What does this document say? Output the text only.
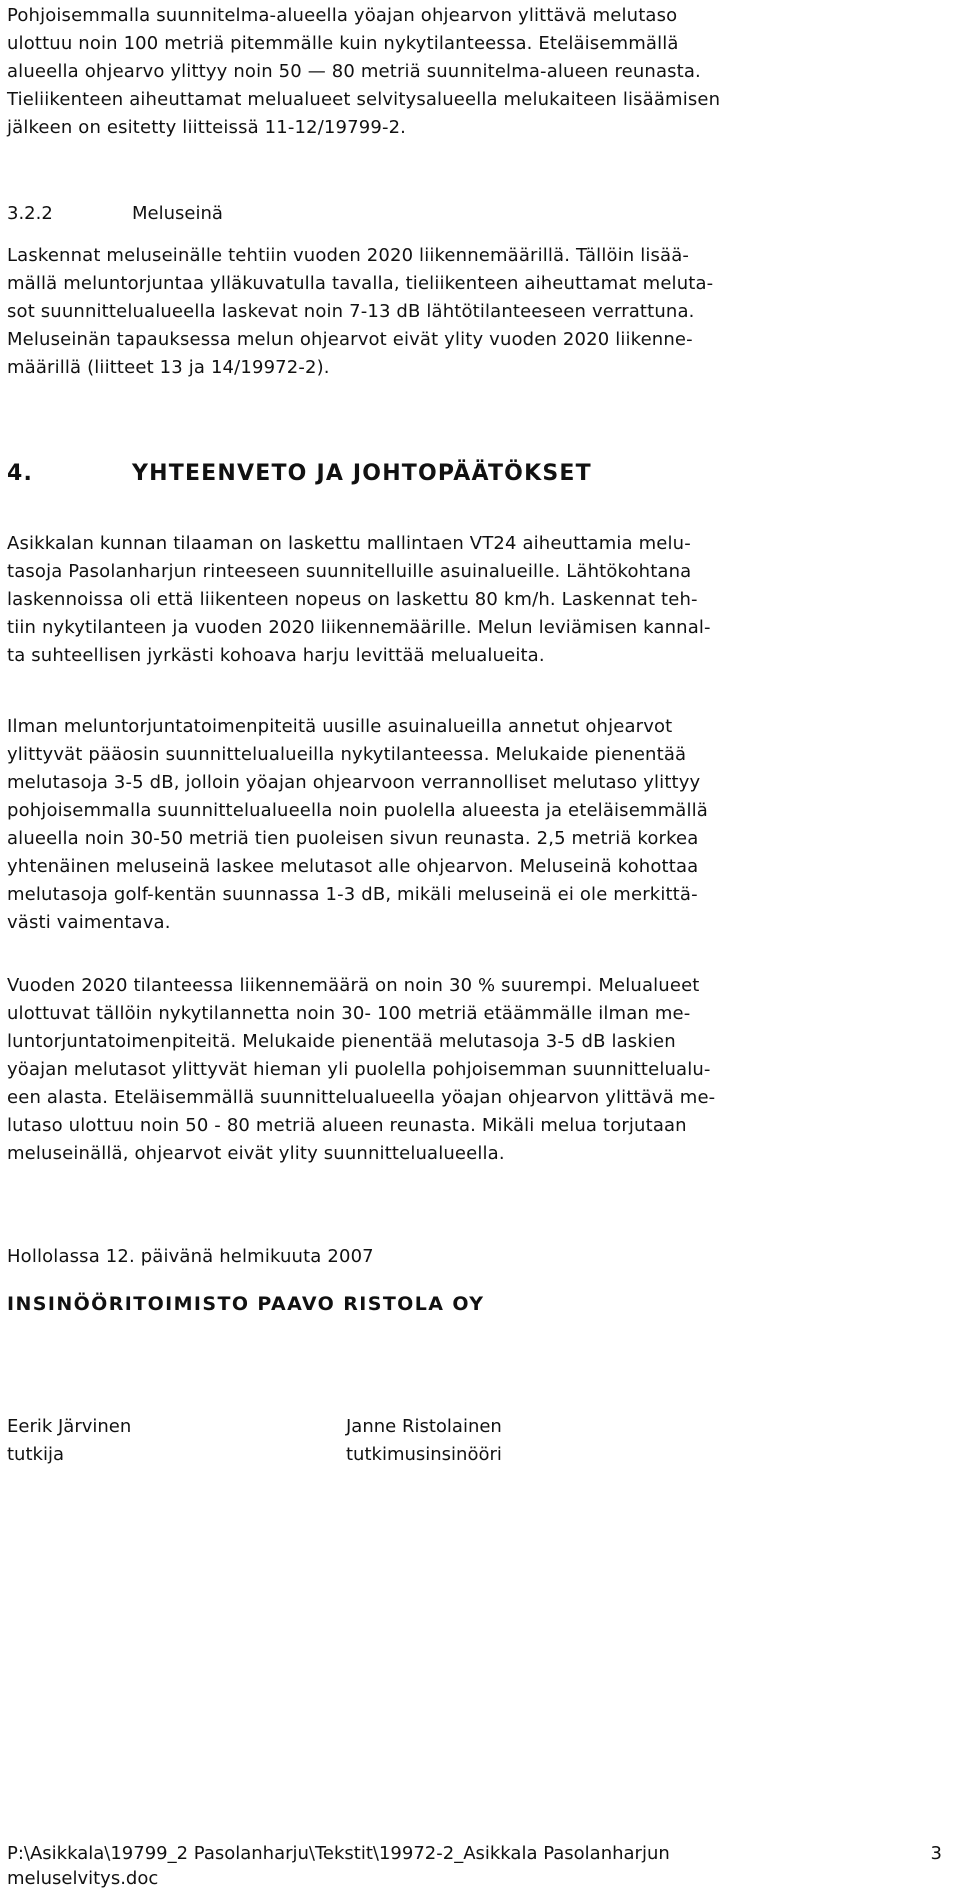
Pohjoisemmalla suunnitelma-alueella yöajan ohjearvon ylittävä melutaso
ulottuu noin 100 metriä pitemmälle kuin nykytilanteessa. Eteläisemmällä
alueella ohjearvo ylittyy noin 50 — 80 metriä suunnitelma-alueen reunasta.

Tieliikenteen aiheuttamat melualueet selvitysalueella melukaiteen lisäämisen
jälkeen on esitetty liitteissä 11-12/19799-2.

3.2.2	Meluseinä

Laskennat meluseinälle tehtiin vuoden 2020 liikennemäärillä. Tällöin lisää-
mällä meluntorjuntaa ylläkuvatulla tavalla, tieliikenteen aiheuttamat meluta-
sot suunnittelualueella laskevat noin 7-13 dB lähtötilanteeseen verrattuna.
Meluseinän tapauksessa melun ohjearvot eivät ylity vuoden 2020 liikenne-
määrillä (liitteet 13 ja 14/19972-2).

4.	YHTEENVETO JA JOHTOPÄÄTÖKSET

Asikkalan kunnan tilaaman on laskettu mallintaen VT24 aiheuttamia melu-
tasoja Pasolanharjun rinteeseen suunnitelluille asuinalueille. Lähtökohtana
laskennoissa oli että liikenteen nopeus on laskettu 80 km/h. Laskennat teh-
tiin nykytilanteen ja vuoden 2020 liikennemäärille. Melun leviämisen kannal-
ta suhteellisen jyrkästi kohoava harju levittää melualueita.

Ilman meluntorjuntatoimenpiteitä uusille asuinalueilla annetut ohjearvot
ylittyvät pääosin suunnittelualueilla nykytilanteessa. Melukaide pienentää
melutasoja 3-5 dB, jolloin yöajan ohjearvoon verrannolliset melutaso ylittyy
pohjoisemmalla suunnittelualueella noin puolella alueesta ja eteläisemmällä
alueella noin 30-50 metriä tien puoleisen sivun reunasta. 2,5 metriä korkea
yhtenäinen meluseinä laskee melutasot alle ohjearvon. Meluseinä kohottaa
melutasoja golf-kentän suunnassa 1-3 dB, mikäli meluseinä ei ole merkittä-
västi vaimentava.

Vuoden 2020 tilanteessa liikennemäärä on noin 30 % suurempi. Melualueet
ulottuvat tällöin nykytilannetta noin 30- 100 metriä etäämmälle ilman me-
luntorjuntatoimenpiteitä. Melukaide pienentää melutasoja 3-5 dB laskien
yöajan melutasot ylittyvät hieman yli puolella pohjoisemman suunnittelualu-
een alasta. Eteläisemmällä suunnittelualueella yöajan ohjearvon ylittävä me-
lutaso ulottuu noin 50 - 80 metriä alueen reunasta. Mikäli melua torjutaan
meluseinällä, ohjearvot eivät ylity suunnittelualueella.

Hollolassa 12. päivänä helmikuuta 2007

INSINÖÖRITOIMISTO PAAVO RISTOLA OY
Eerik Järvinen
tutkija
Janne Ristolainen
tutkimusinsinööri
P:\Asikkala\19799_2 Pasolanharju\Tekstit\19972-2_Asikkala Pasolanharjun
meluselvitys.doc
3
